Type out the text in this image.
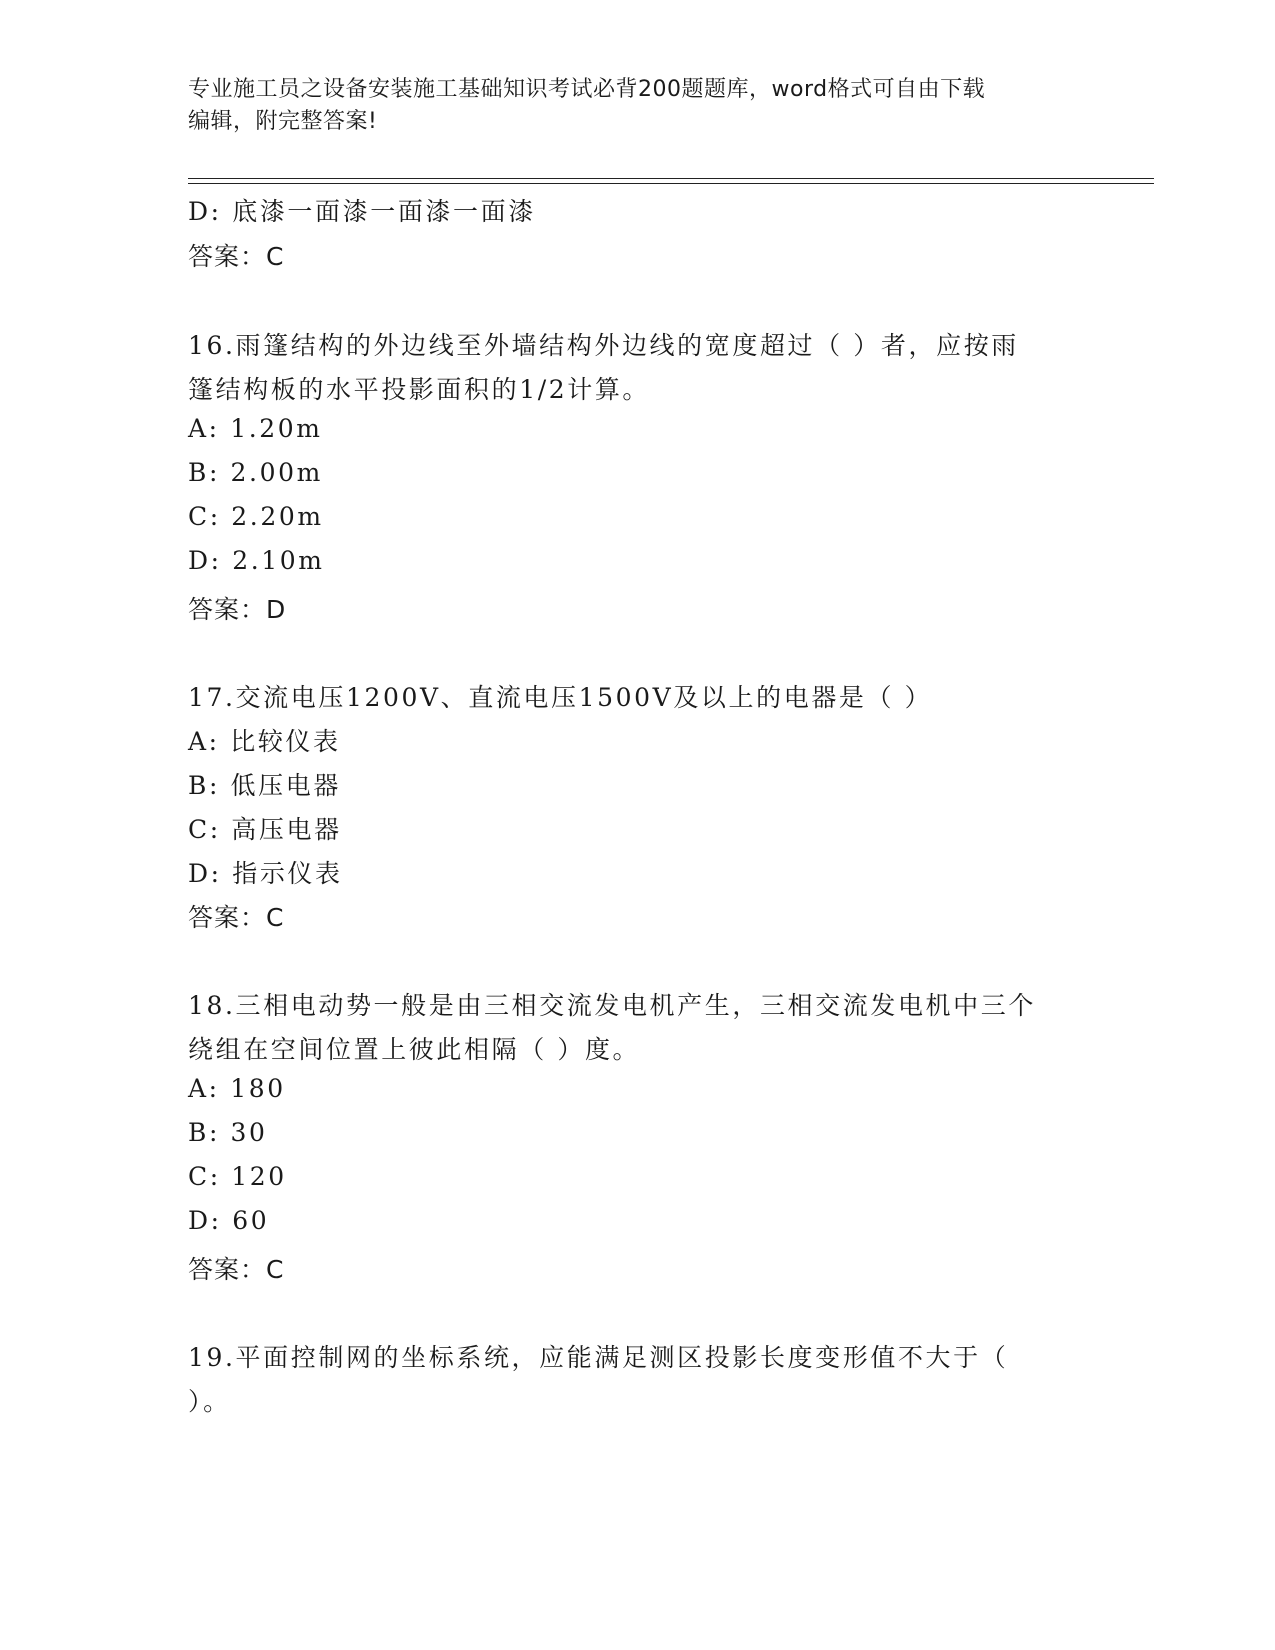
专业施工员之设备安装施工基础知识考试必背200题题库，word格式可自由下载
编辑，附完整答案!
D: 底漆一面漆一面漆一面漆
答案：C
16.雨篷结构的外边线至外墙结构外边线的宽度超过（ ）者，应按雨
篷结构板的水平投影面积的1/2计算。
A: 1.20m
B: 2.00m
C: 2.20m
D: 2.10m
答案：D
17.交流电压1200V、直流电压1500V及以上的电器是（ ）
A: 比较仪表
B: 低压电器
C: 高压电器
D: 指示仪表
答案：C
18.三相电动势一般是由三相交流发电机产生，三相交流发电机中三个
绕组在空间位置上彼此相隔（ ）度。
A: 180
B: 30
C: 120
D: 60
答案：C
19.平面控制网的坐标系统，应能满足测区投影长度变形值不大于（
）。
